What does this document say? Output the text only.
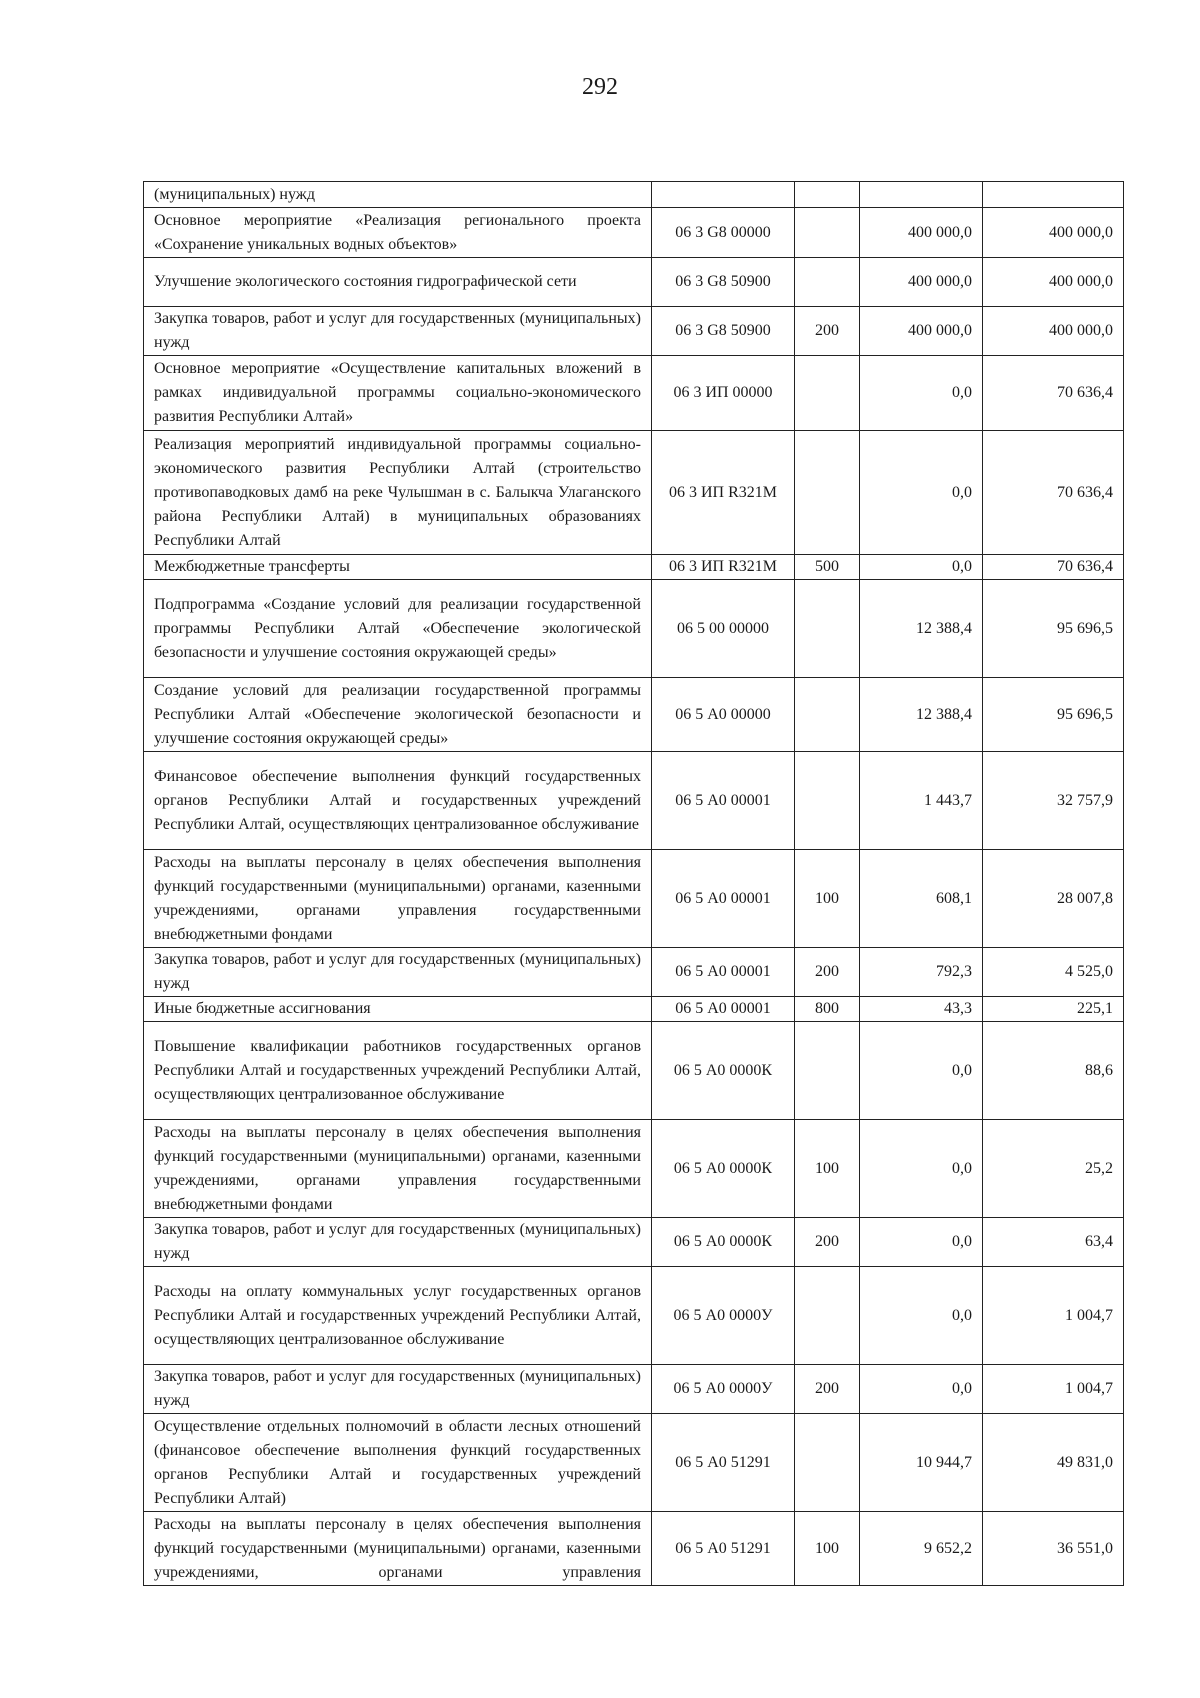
292
(муниципальных) нужд				
Основное мероприятие «Реализация регионального проекта «Сохранение уникальных водных объектов»	06 3 G8 00000		400 000,0	400 000,0
Улучшение экологического состояния гидрографической сети	06 3 G8 50900		400 000,0	400 000,0
Закупка товаров, работ и услуг для государственных (муниципальных) нужд	06 3 G8 50900	200	400 000,0	400 000,0
Основное мероприятие «Осуществление капитальных вложений в рамках индивидуальной программы социально-экономического развития Республики Алтай»	06 3 ИП 00000		0,0	70 636,4
Реализация мероприятий индивидуальной программы социально-экономического развития Республики Алтай (строительство противопаводковых дамб на реке Чулышман в с. Балыкча Улаганского района Республики Алтай) в муниципальных образованиях Республики Алтай	06 3 ИП R321М		0,0	70 636,4
Межбюджетные трансферты	06 3 ИП R321М	500	0,0	70 636,4
Подпрограмма «Создание условий для реализации государственной программы Республики Алтай «Обеспечение экологической безопасности и улучшение состояния окружающей среды»	06 5 00 00000		12 388,4	95 696,5
Создание условий для реализации государственной программы Республики Алтай «Обеспечение экологической безопасности и улучшение состояния окружающей среды»	06 5 А0 00000		12 388,4	95 696,5
Финансовое обеспечение выполнения функций государственных органов Республики Алтай и государственных учреждений Республики Алтай, осуществляющих централизованное обслуживание	06 5 А0 00001		1 443,7	32 757,9
Расходы на выплаты персоналу в целях обеспечения выполнения функций государственными (муниципальными) органами, казенными учреждениями, органами управления государственными внебюджетными фондами	06 5 А0 00001	100	608,1	28 007,8
Закупка товаров, работ и услуг для государственных (муниципальных) нужд	06 5 А0 00001	200	792,3	4 525,0
Иные бюджетные ассигнования	06 5 А0 00001	800	43,3	225,1
Повышение квалификации работников государственных органов Республики Алтай и государственных учреждений Республики Алтай, осуществляющих централизованное обслуживание	06 5 А0 0000К		0,0	88,6
Расходы на выплаты персоналу в целях обеспечения выполнения функций государственными (муниципальными) органами, казенными учреждениями, органами управления государственными внебюджетными фондами	06 5 А0 0000К	100	0,0	25,2
Закупка товаров, работ и услуг для государственных (муниципальных) нужд	06 5 А0 0000К	200	0,0	63,4
Расходы на оплату коммунальных услуг государственных органов Республики Алтай и государственных учреждений Республики Алтай, осуществляющих централизованное обслуживание	06 5 А0 0000У		0,0	1 004,7
Закупка товаров, работ и услуг для государственных (муниципальных) нужд	06 5 А0 0000У	200	0,0	1 004,7
Осуществление отдельных полномочий в области лесных отношений (финансовое обеспечение выполнения функций государственных органов Республики Алтай и государственных учреждений Республики Алтай)	06 5 А0 51291		10 944,7	49 831,0
Расходы на выплаты персоналу в целях обеспечения выполнения функций государственными (муниципальными) органами, казенными учреждениями, органами управления	06 5 А0 51291	100	9 652,2	36 551,0
